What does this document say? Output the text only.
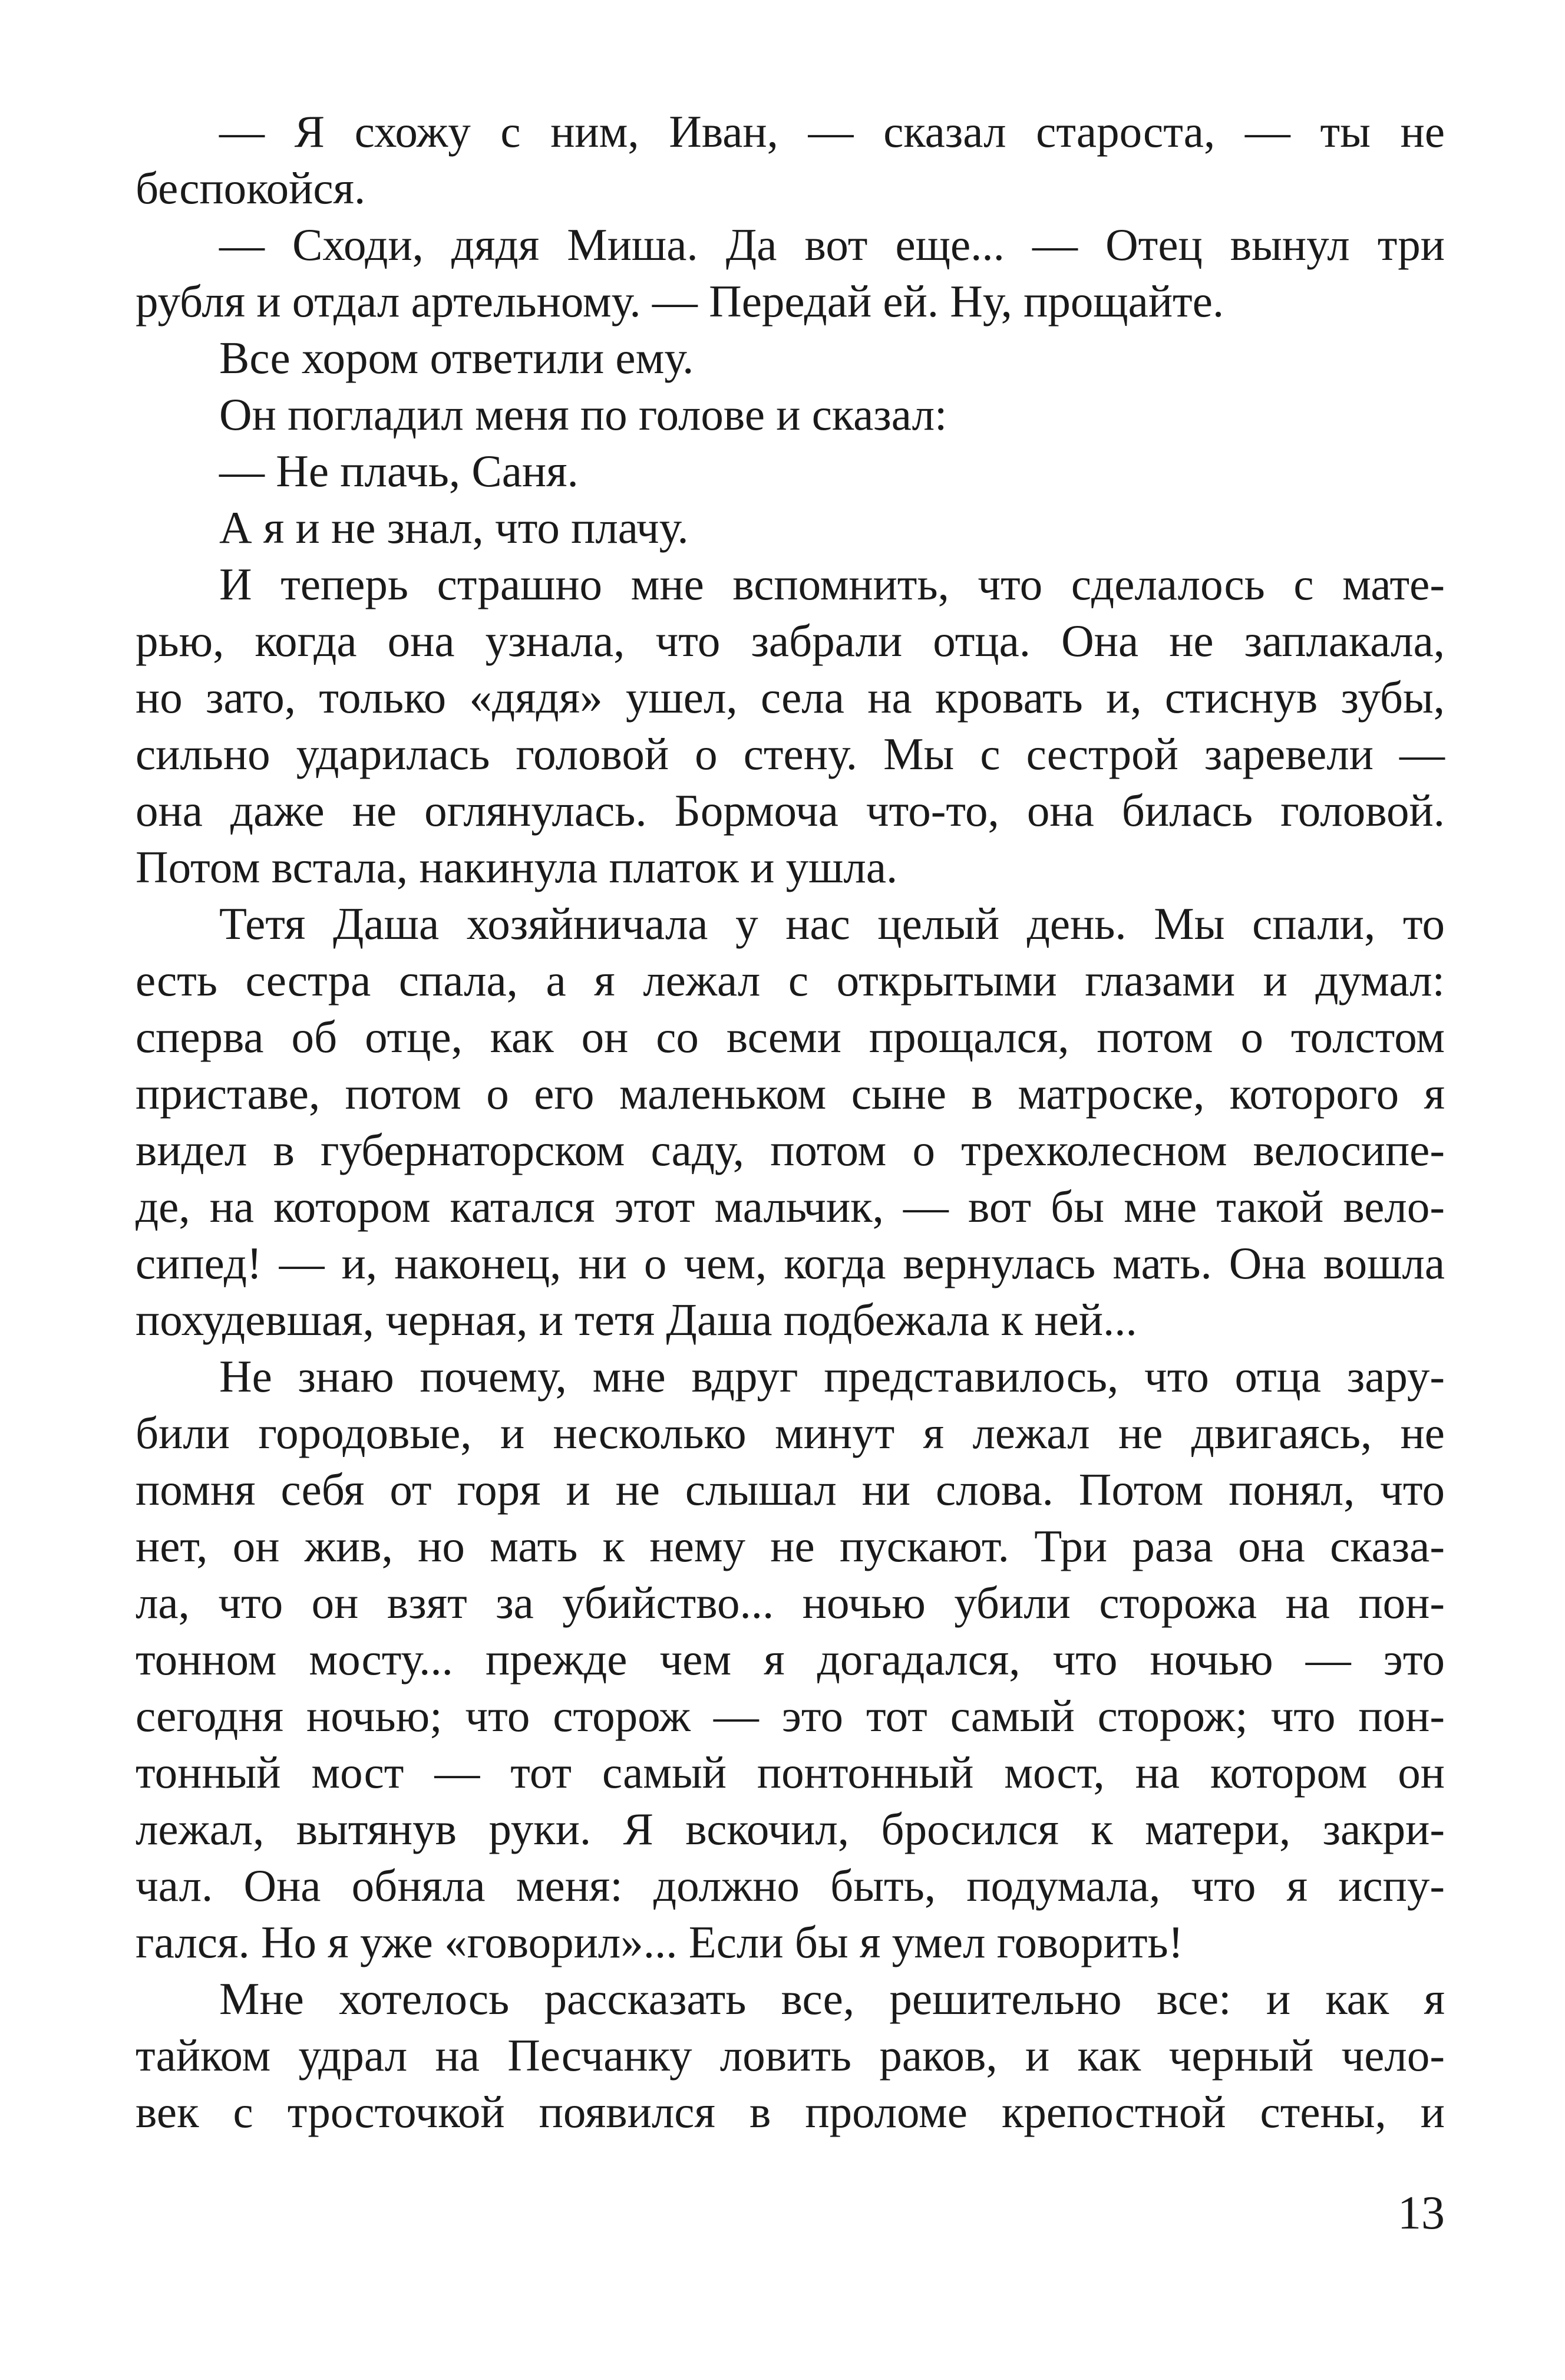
— Я схожу с ним, Иван, — сказал староста, — ты не
беспокойся.
— Сходи, дядя Миша. Да вот еще... — Отец вынул три
рубля и отдал артельному. — Передай ей. Ну, прощайте.
Все хором ответили ему.
Он погладил меня по голове и сказал:
— Не плачь, Саня.
А я и не знал, что плачу.
И теперь страшно мне вспомнить, что сделалось с мате-
рью, когда она узнала, что забрали отца. Она не заплакала,
но зато, только «дядя» ушел, села на кровать и, стиснув зубы,
сильно ударилась головой о стену. Мы с сестрой заревели —
она даже не оглянулась. Бормоча что-то, она билась головой.
Потом встала, накинула платок и ушла.
Тетя Даша хозяйничала у нас целый день. Мы спали, то
есть сестра спала, а я лежал с открытыми глазами и думал:
сперва об отце, как он со всеми прощался, потом о толстом
приставе, потом о его маленьком сыне в матроске, которого я
видел в губернаторском саду, потом о трехколесном велосипе-
де, на котором катался этот мальчик, — вот бы мне такой вело-
сипед! — и, наконец, ни о чем, когда вернулась мать. Она вошла
похудевшая, черная, и тетя Даша подбежала к ней...
Не знаю почему, мне вдруг представилось, что отца зару-
били городовые, и несколько минут я лежал не двигаясь, не
помня себя от горя и не слышал ни слова. Потом понял, что
нет, он жив, но мать к нему не пускают. Три раза она сказа-
ла, что он взят за убийство... ночью убили сторожа на пон-
тонном мосту... прежде чем я догадался, что ночью — это
сегодня ночью; что сторож — это тот самый сторож; что пон-
тонный мост — тот самый понтонный мост, на котором он
лежал, вытянув руки. Я вскочил, бросился к матери, закри-
чал. Она обняла меня: должно быть, подумала, что я испу-
гался. Но я уже «говорил»... Если бы я умел говорить!
Мне хотелось рассказать все, решительно все: и как я
тайком удрал на Песчанку ловить раков, и как черный чело-
век с тросточкой появился в проломе крепостной стены, и
13
